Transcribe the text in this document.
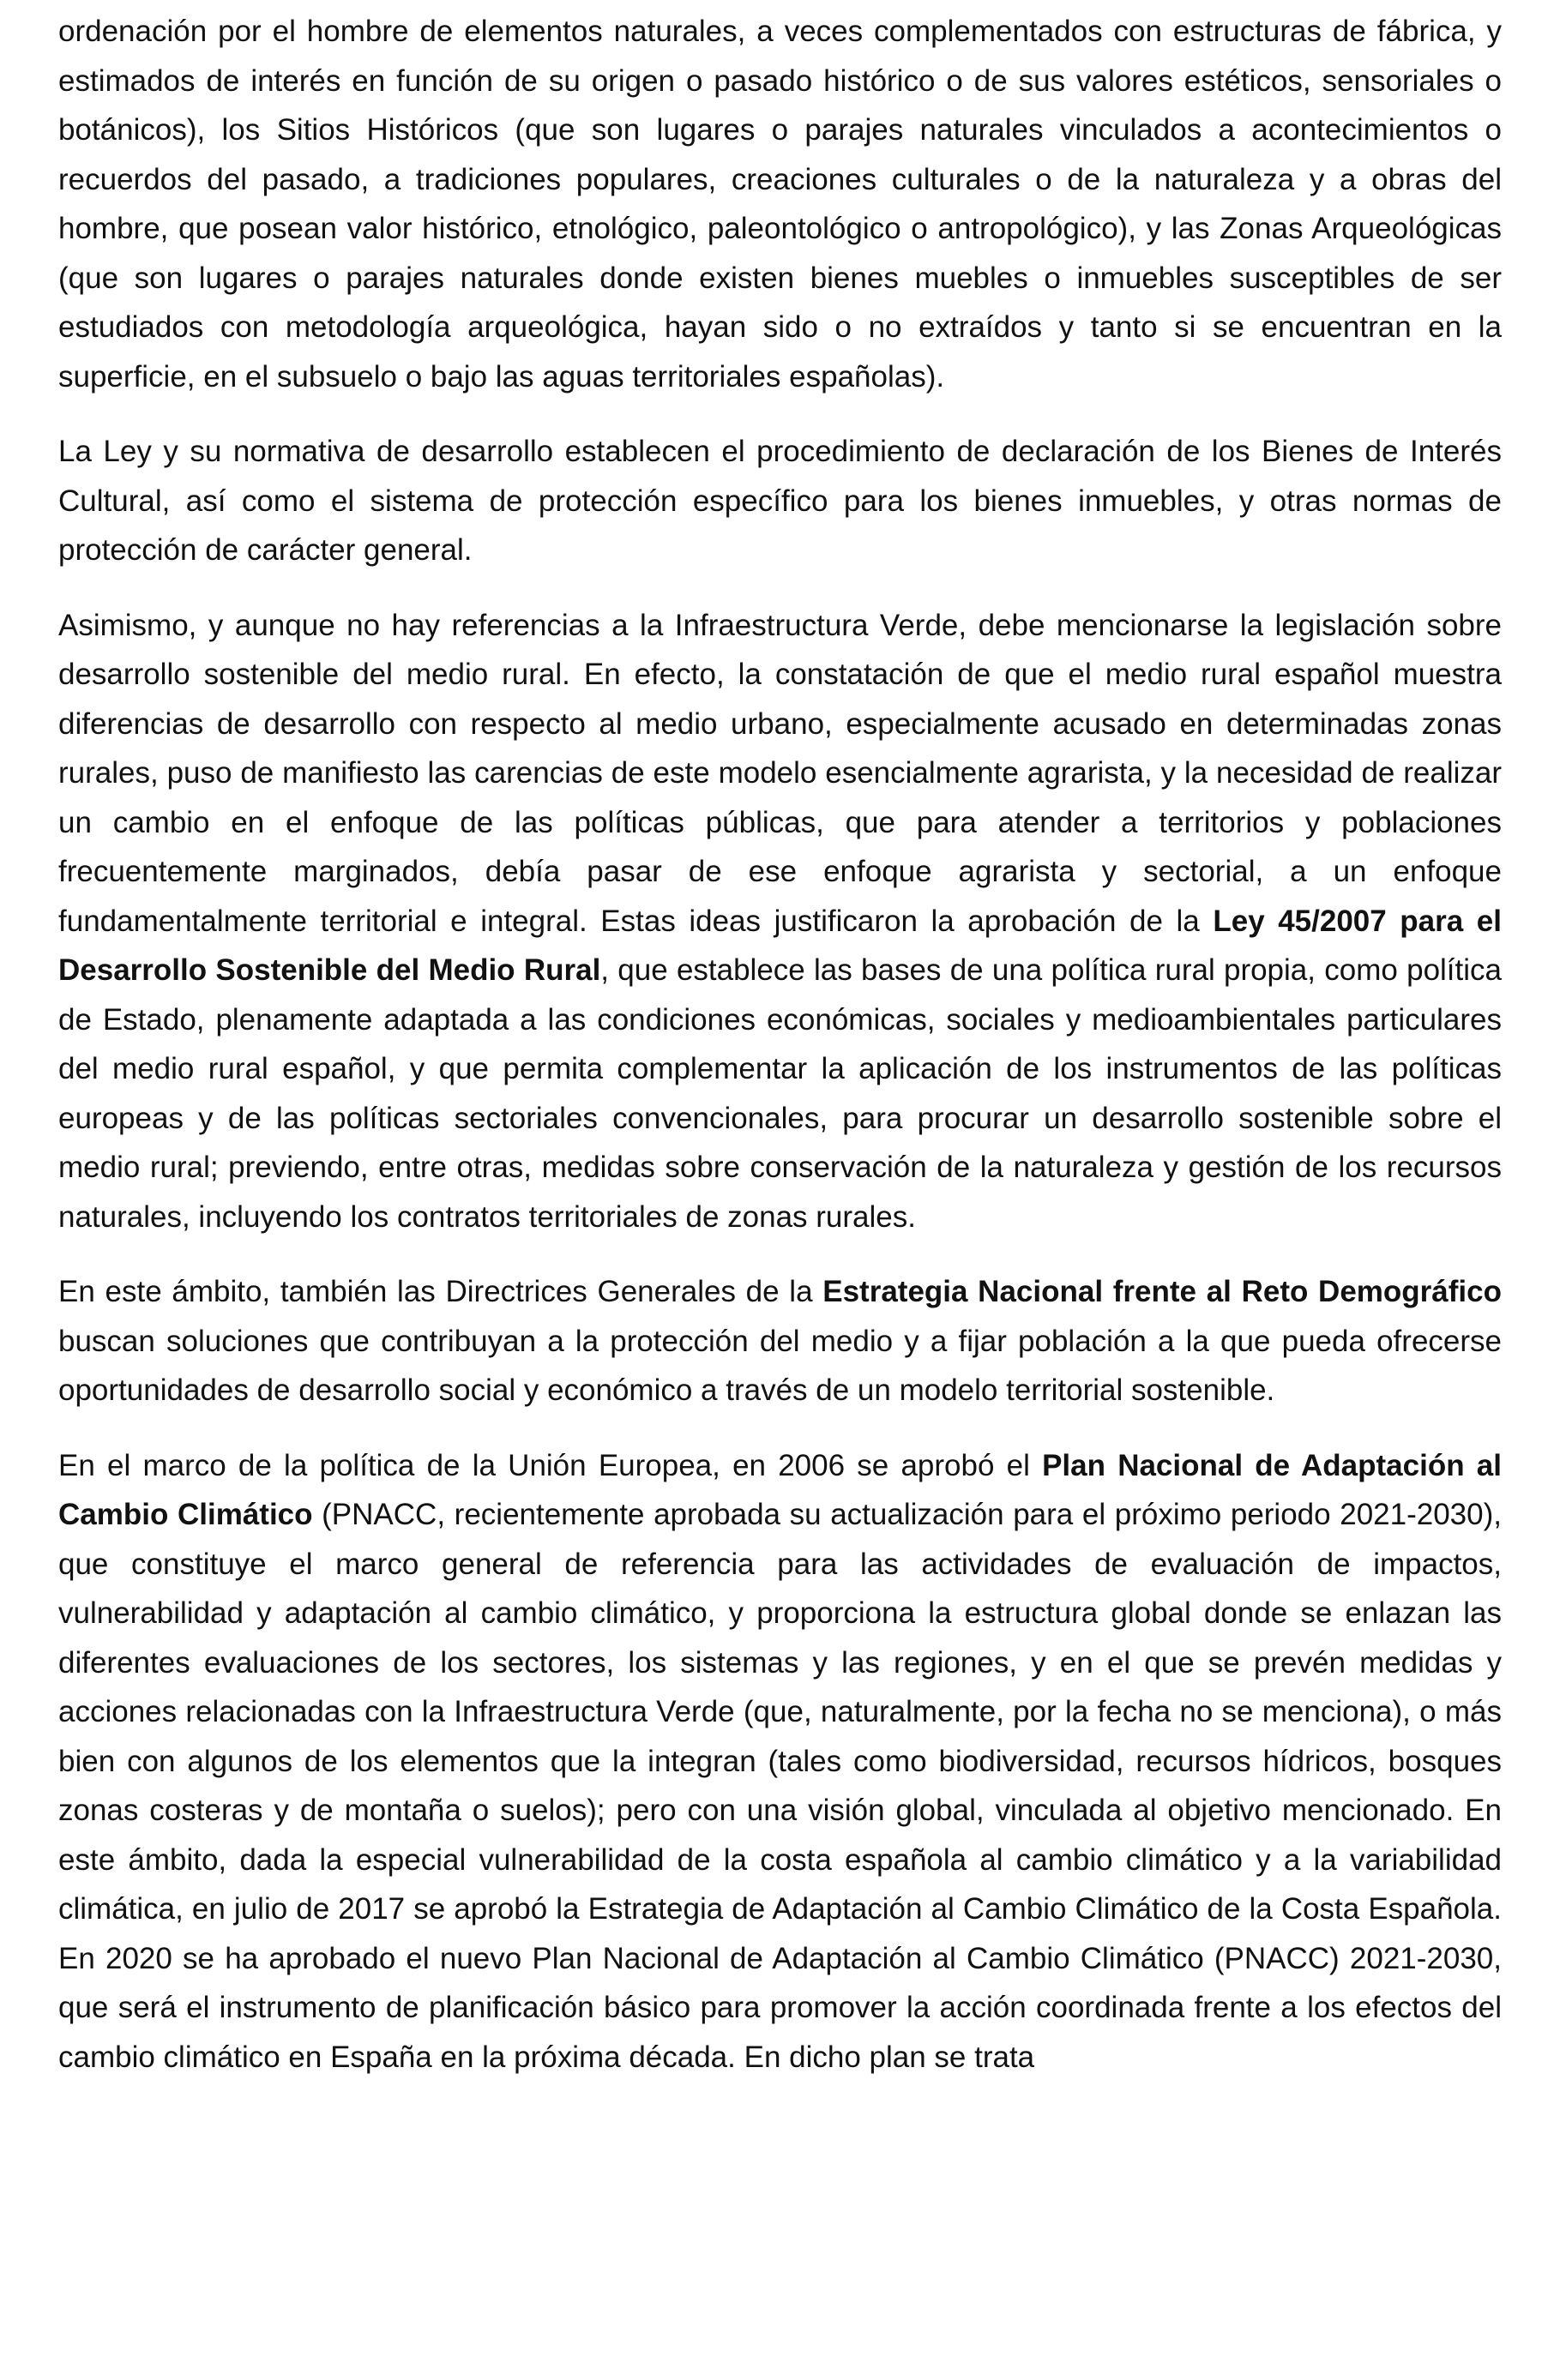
ordenación por el hombre de elementos naturales, a veces complementados con estructuras de fábrica, y estimados de interés en función de su origen o pasado histórico o de sus valores estéticos, sensoriales o botánicos), los Sitios Históricos (que son lugares o parajes naturales vinculados a acontecimientos o recuerdos del pasado, a tradiciones populares, creaciones culturales o de la naturaleza y a obras del hombre, que posean valor histórico, etnológico, paleontológico o antropológico), y las Zonas Arqueológicas (que son lugares o parajes naturales donde existen bienes muebles o inmuebles susceptibles de ser estudiados con metodología arqueológica, hayan sido o no extraídos y tanto si se encuentran en la superficie, en el subsuelo o bajo las aguas territoriales españolas).

La Ley y su normativa de desarrollo establecen el procedimiento de declaración de los Bienes de Interés Cultural, así como el sistema de protección específico para los bienes inmuebles, y otras normas de protección de carácter general.

Asimismo, y aunque no hay referencias a la Infraestructura Verde, debe mencionarse la legislación sobre desarrollo sostenible del medio rural. En efecto, la constatación de que el medio rural español muestra diferencias de desarrollo con respecto al medio urbano, especialmente acusado en determinadas zonas rurales, puso de manifiesto las carencias de este modelo esencialmente agrarista, y la necesidad de realizar un cambio en el enfoque de las políticas públicas, que para atender a territorios y poblaciones frecuentemente marginados, debía pasar de ese enfoque agrarista y sectorial, a un enfoque fundamentalmente territorial e integral. Estas ideas justificaron la aprobación de la Ley 45/2007 para el Desarrollo Sostenible del Medio Rural, que establece las bases de una política rural propia, como política de Estado, plenamente adaptada a las condiciones económicas, sociales y medioambientales particulares del medio rural español, y que permita complementar la aplicación de los instrumentos de las políticas europeas y de las políticas sectoriales convencionales, para procurar un desarrollo sostenible sobre el medio rural; previendo, entre otras, medidas sobre conservación de la naturaleza y gestión de los recursos naturales, incluyendo los contratos territoriales de zonas rurales.

En este ámbito, también las Directrices Generales de la Estrategia Nacional frente al Reto Demográfico buscan soluciones que contribuyan a la protección del medio y a fijar población a la que pueda ofrecerse oportunidades de desarrollo social y económico a través de un modelo territorial sostenible.

En el marco de la política de la Unión Europea, en 2006 se aprobó el Plan Nacional de Adaptación al Cambio Climático (PNACC, recientemente aprobada su actualización para el próximo periodo 2021-2030), que constituye el marco general de referencia para las actividades de evaluación de impactos, vulnerabilidad y adaptación al cambio climático, y proporciona la estructura global donde se enlazan las diferentes evaluaciones de los sectores, los sistemas y las regiones, y en el que se prevén medidas y acciones relacionadas con la Infraestructura Verde (que, naturalmente, por la fecha no se menciona), o más bien con algunos de los elementos que la integran (tales como biodiversidad, recursos hídricos, bosques zonas costeras y de montaña o suelos); pero con una visión global, vinculada al objetivo mencionado. En este ámbito, dada la especial vulnerabilidad de la costa española al cambio climático y a la variabilidad climática, en julio de 2017 se aprobó la Estrategia de Adaptación al Cambio Climático de la Costa Española. En 2020 se ha aprobado el nuevo Plan Nacional de Adaptación al Cambio Climático (PNACC) 2021-2030, que será el instrumento de planificación básico para promover la acción coordinada frente a los efectos del cambio climático en España en la próxima década. En dicho plan se trata
